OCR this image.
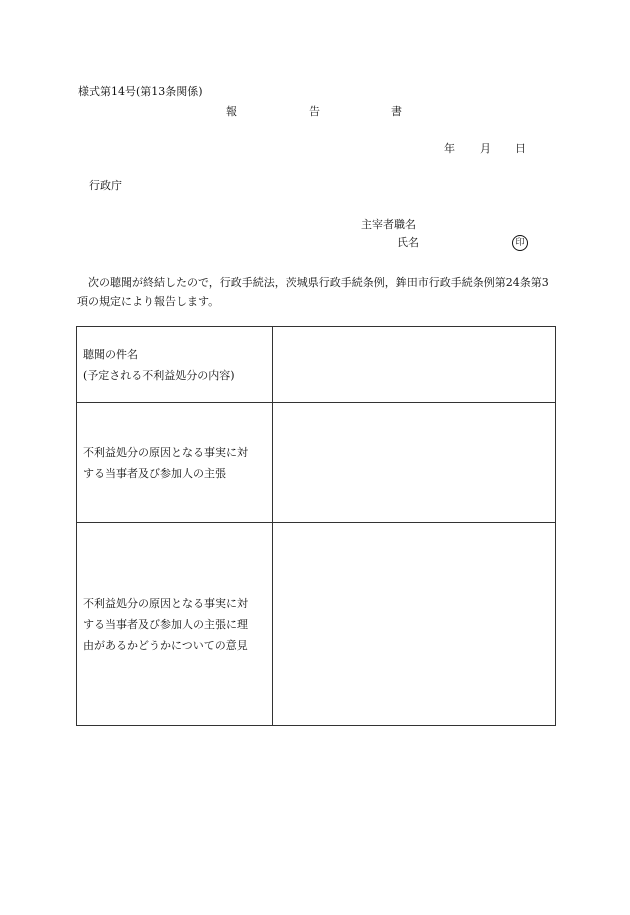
様式第14号(第13条関係)
報	告	書
年 月 日
行政庁
主宰者職名
氏名	印
次の聴聞が終結したので，行政手続法，茨城県行政手続条例，鉾田市行政手続条例第24条第3項の規定により報告します。
聴聞の件名
(予定される不利益処分の内容)	

不利益処分の原因となる事実に対
する当事者及び参加人の主張	

不利益処分の原因となる事実に対
する当事者及び参加人の主張に理
由があるかどうかについての意見	
